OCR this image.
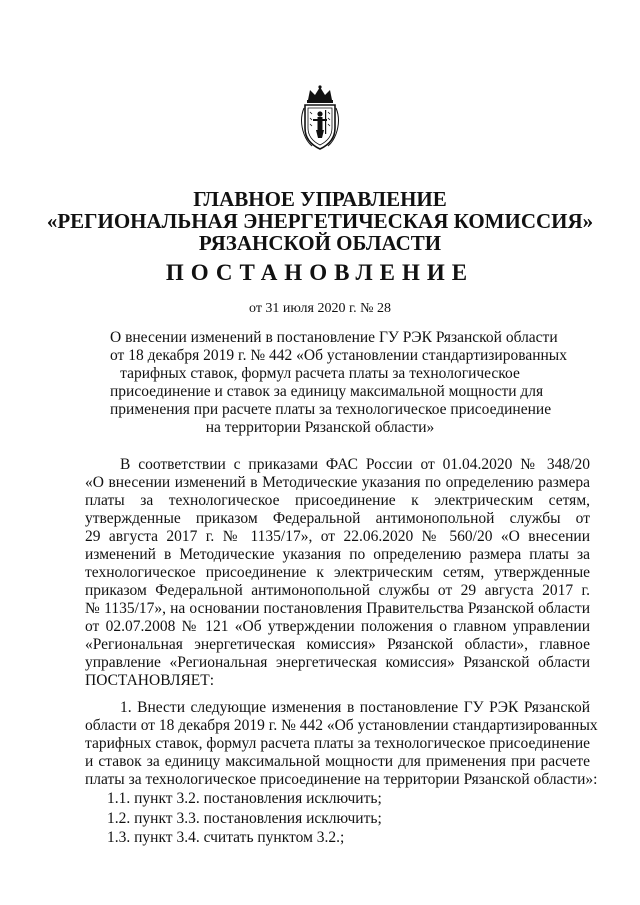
ГЛАВНОЕ УПРАВЛЕНИЕ
«РЕГИОНАЛЬНАЯ ЭНЕРГЕТИЧЕСКАЯ КОМИССИЯ»
РЯЗАНСКОЙ ОБЛАСТИ
ПОСТАНОВЛЕНИЕ
от 31 июля 2020 г. № 28
О внесении изменений в постановление ГУ РЭК Рязанской области
от 18 декабря 2019 г. № 442 «Об установлении стандартизированных
тарифных ставок, формул расчета платы за технологическое
присоединение и ставок за единицу максимальной мощности для
применения при расчете платы за технологическое присоединение
на территории Рязанской области»
В соответствии с приказами ФАС России от 01.04.2020 № 348/20
«О внесении изменений в Методические указания по определению размера
платы за технологическое присоединение к электрическим сетям,
утвержденные приказом Федеральной антимонопольной службы от
29 августа 2017 г. № 1135/17», от 22.06.2020 № 560/20 «О внесении
изменений в Методические указания по определению размера платы за
технологическое присоединение к электрическим сетям, утвержденные
приказом Федеральной антимонопольной службы от 29 августа 2017 г.
№ 1135/17», на основании постановления Правительства Рязанской области
от 02.07.2008 № 121 «Об утверждении положения о главном управлении
«Региональная энергетическая комиссия» Рязанской области», главное
управление «Региональная энергетическая комиссия» Рязанской области
ПОСТАНОВЛЯЕТ:
1. Внести следующие изменения в постановление ГУ РЭК Рязанской
области от 18 декабря 2019 г. № 442 «Об установлении стандартизированных
тарифных ставок, формул расчета платы за технологическое присоединение
и ставок за единицу максимальной мощности для применения при расчете
платы за технологическое присоединение на территории Рязанской области»:
1.1. пункт 3.2. постановления исключить;
1.2. пункт 3.3. постановления исключить;
1.3. пункт 3.4. считать пунктом 3.2.;
